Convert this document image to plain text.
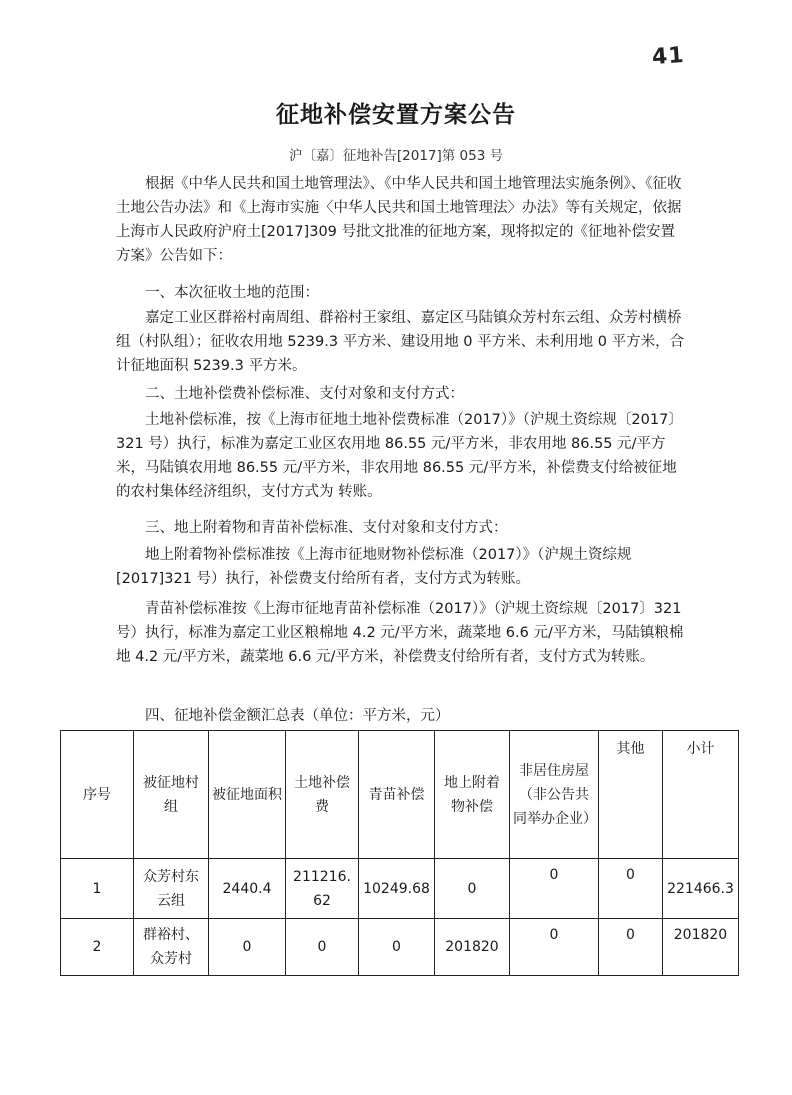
41
征地补偿安置方案公告
沪〔嘉〕征地补告[2017]第 053 号

根据《中华人民共和国土地管理法》、《中华人民共和国土地管理法实施条例》、《征收土地公告办法》和《上海市实施〈中华人民共和国土地管理法〉办法》等有关规定，依据上海市人民政府沪府土[2017]309 号批文批准的征地方案，现将拟定的《征地补偿安置方案》公告如下：

一、本次征收土地的范围：

嘉定工业区群裕村南周组、群裕村王家组、嘉定区马陆镇众芳村东云组、众芳村横桥组（村队组）；征收农用地 5239.3 平方米、建设用地 0 平方米、未利用地 0 平方米，合计征地面积 5239.3 平方米。

二、土地补偿费补偿标准、支付对象和支付方式：

土地补偿标准，按《上海市征地土地补偿费标准（2017）》（沪规土资综规〔2017〕321 号）执行，标准为嘉定工业区农用地 86.55 元/平方米，非农用地 86.55 元/平方米，马陆镇农用地 86.55 元/平方米，非农用地 86.55 元/平方米，补偿费支付给被征地的农村集体经济组织，支付方式为 转账。

三、地上附着物和青苗补偿标准、支付对象和支付方式：

地上附着物补偿标准按《上海市征地财物补偿标准（2017）》（沪规土资综规[2017]321 号）执行，补偿费支付给所有者，支付方式为转账。

青苗补偿标准按《上海市征地青苗补偿标准（2017）》（沪规土资综规〔2017〕321 号）执行，标准为嘉定工业区粮棉地 4.2 元/平方米，蔬菜地 6.6 元/平方米，马陆镇粮棉地 4.2 元/平方米，蔬菜地 6.6 元/平方米，补偿费支付给所有者，支付方式为转账。

四、征地补偿金额汇总表（单位：平方米，元）
序号	被征地村组	被征地面积	土地补偿费	青苗补偿	地上附着物补偿	非居住房屋（非公告共同举办企业）	其他	小计
1	众芳村东云组	2440.4	211216.62	10249.68	0	0	0	221466.3
2	群裕村、众芳村	0	0	0	201820	0	0	201820
